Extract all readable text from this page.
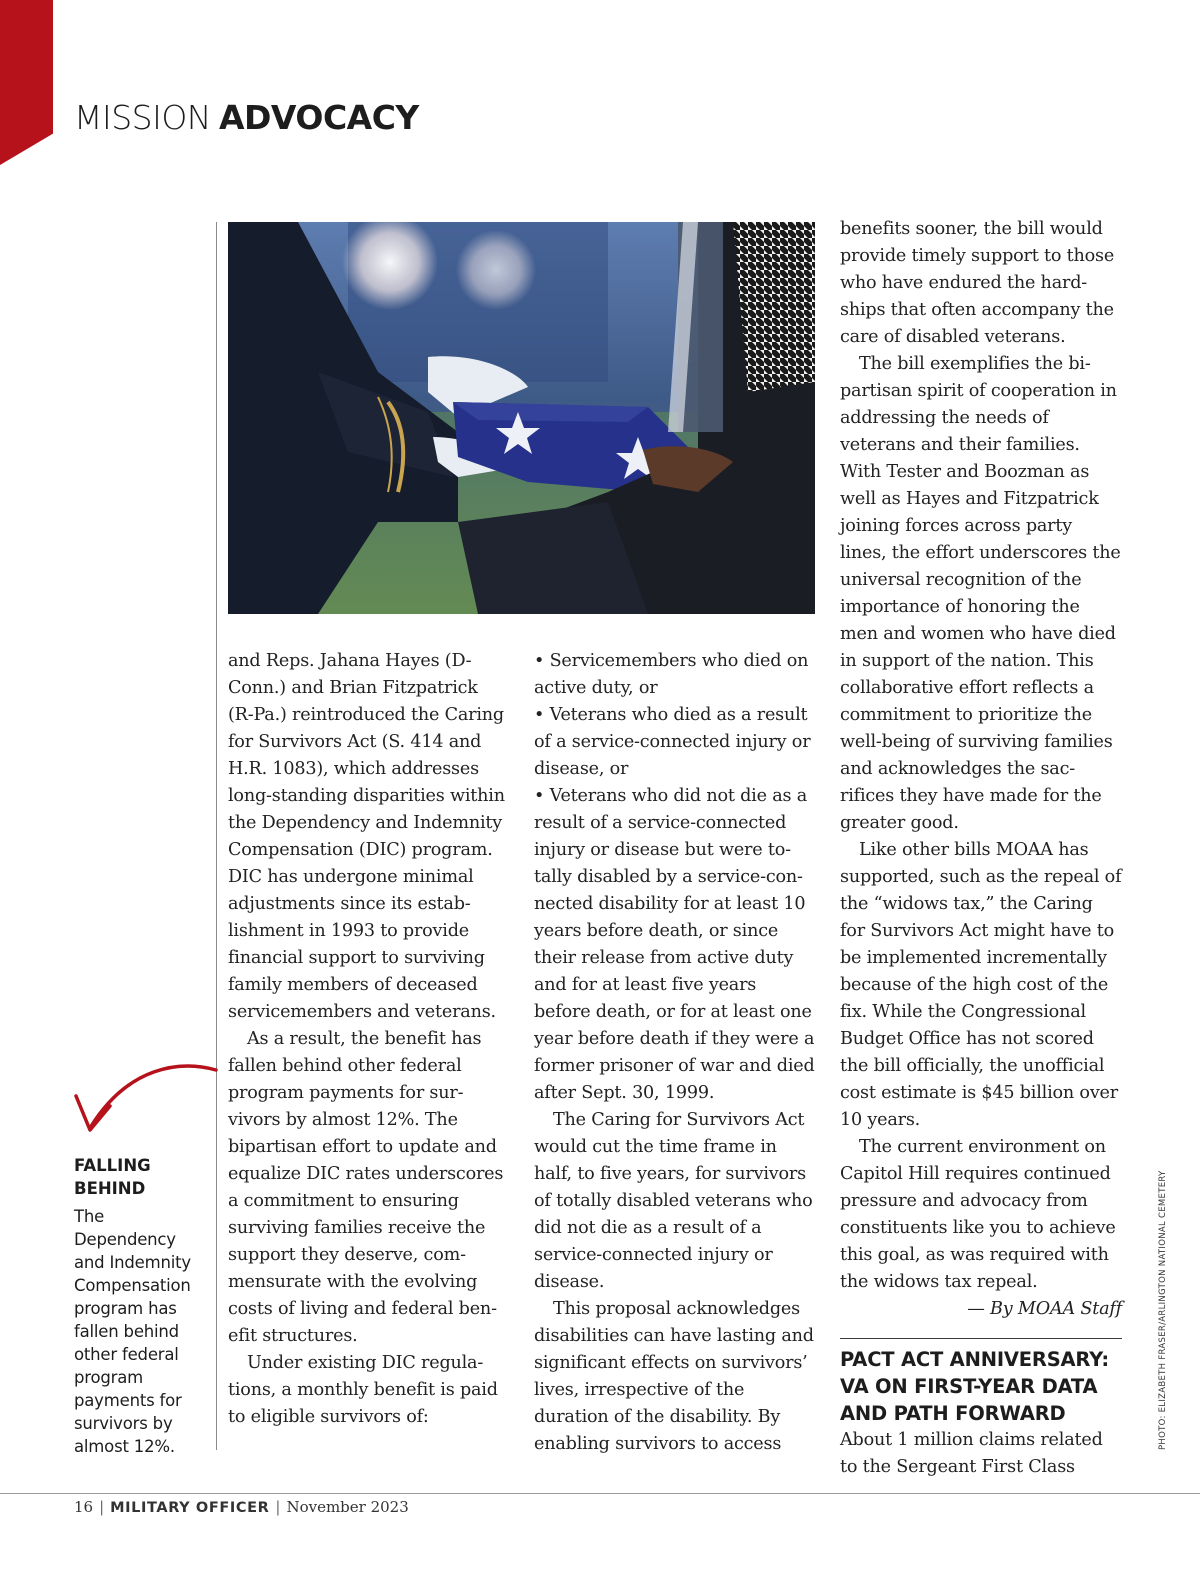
MISSION ADVOCACY

and Reps. Jahana Hayes (D-Conn.) and Brian Fitzpatrick (R-Pa.) reintroduced the Caring for Survivors Act (S. 414 and H.R. 1083), which addresses long-standing disparities within the Dependency and Indemnity Compensation (DIC) program. DIC has undergone minimal adjustments since its establishment in 1993 to provide financial support to surviving family members of deceased servicemembers and veterans.

As a result, the benefit has fallen behind other federal program payments for survivors by almost 12%. The bipartisan effort to update and equalize DIC rates underscores a commitment to ensuring surviving families receive the support they deserve, commensurate with the evolving costs of living and federal benefit structures.

Under existing DIC regulations, a monthly benefit is paid to eligible survivors of:

• Servicemembers who died on active duty, or

• Veterans who died as a result of a service-connected injury or disease, or

• Veterans who did not die as a result of a service-connected injury or disease but were totally disabled by a service-connected disability for at least 10 years before death, or since their release from active duty and for at least five years before death, or for at least one year before death if they were a former prisoner of war and died after Sept. 30, 1999.

The Caring for Survivors Act would cut the time frame in half, to five years, for survivors of totally disabled veterans who did not die as a result of a service-connected injury or disease.

This proposal acknowledges disabilities can have lasting and significant effects on survivors’ lives, irrespective of the duration of the disability. By enabling survivors to access

benefits sooner, the bill would provide timely support to those who have endured the hardships that often accompany the care of disabled veterans.

The bill exemplifies the bipartisan spirit of cooperation in addressing the needs of veterans and their families. With Tester and Boozman as well as Hayes and Fitzpatrick joining forces across party lines, the effort underscores the universal recognition of the importance of honoring the men and women who have died in support of the nation. This collaborative effort reflects a commitment to prioritize the well-being of surviving families and acknowledges the sacrifices they have made for the greater good.

Like other bills MOAA has supported, such as the repeal of the “widows tax,” the Caring for Survivors Act might have to be implemented incrementally because of the high cost of the fix. While the Congressional Budget Office has not scored the bill officially, the unofficial cost estimate is $45 billion over 10 years.

The current environment on Capitol Hill requires continued pressure and advocacy from constituents like you to achieve this goal, as was required with the widows tax repeal.

— By MOAA Staff

PACT ACT ANNIVERSARY: VA ON FIRST-YEAR DATA AND PATH FORWARD

About 1 million claims related to the Sergeant First Class

FALLING BEHIND

The Dependency and Indemnity Compensation program has fallen behind other federal program payments for survivors by almost 12%.	PHOTO: ELIZABETH FRASER/ARLINGTON NATIONAL CEMETERY
16 | MILITARY OFFICER | November 2023
